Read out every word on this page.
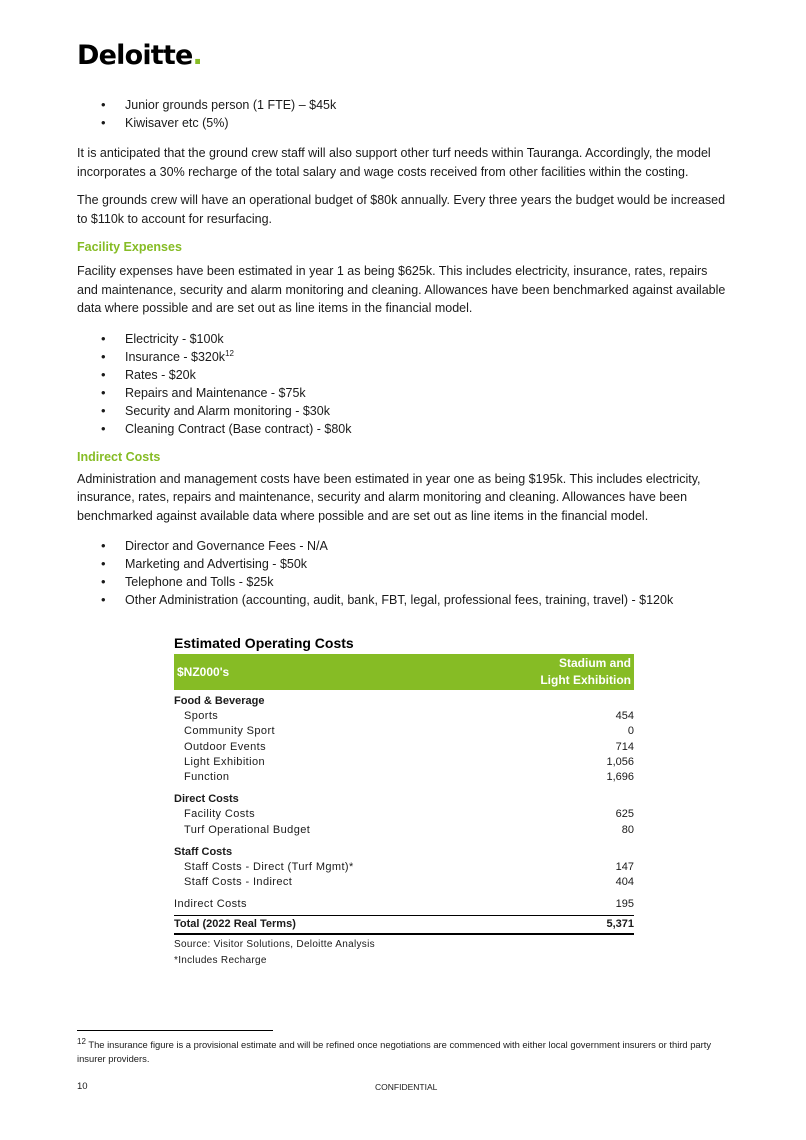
Deloitte.
• Junior grounds person (1 FTE) – $45k
• Kiwisaver etc (5%)

It is anticipated that the ground crew staff will also support other turf needs within Tauranga. Accordingly, the model incorporates a 30% recharge of the total salary and wage costs received from other facilities within the costing.

The grounds crew will have an operational budget of $80k annually. Every three years the budget would be increased to $110k to account for resurfacing.

Facility Expenses

Facility expenses have been estimated in year 1 as being $625k. This includes electricity, insurance, rates, repairs and maintenance, security and alarm monitoring and cleaning. Allowances have been benchmarked against available data where possible and are set out as line items in the financial model.

• Electricity - $100k
• Insurance - $\$320k^{12}$
• Rates - $20k
• Repairs and Maintenance - $75k
• Security and Alarm monitoring - $30k
• Cleaning Contract (Base contract) - $80k
Indirect Costs

Administration and management costs have been estimated in year one as being $195k. This includes electricity, insurance, rates, repairs and maintenance, security and alarm monitoring and cleaning. Allowances have been benchmarked against available data where possible and are set out as line items in the financial model.

• Director and Governance Fees - N/A
• Marketing and Advertising - $50k
• Telephone and Tolls - $25k
• Other Administration (accounting, audit, bank, FBT, legal, professional fees, training, travel) - $120k
Estimated Operating Costs
$NZ000's
Stadium and
Light Exhibition
Food & Beverage
Sports	454
Community Sport	0
Outdoor Events	714
Light Exhibition	1,056
Function	1,696
Direct Costs
Facility Costs	625
Turf Operational Budget	80
Staff Costs
Staff Costs - Direct (Turf Mgmt)*	147
Staff Costs - Indirect	404
Indirect Costs	195
Total (2022 Real Terms)	5,371
Source: Visitor Solutions, Deloitte Analysis
*Includes Recharge
$^{12}$ The insurance figure is a provisional estimate and will be refined once negotiations are commenced with either local government insurers or third party insurer providers.
10	CONFIDENTIAL
